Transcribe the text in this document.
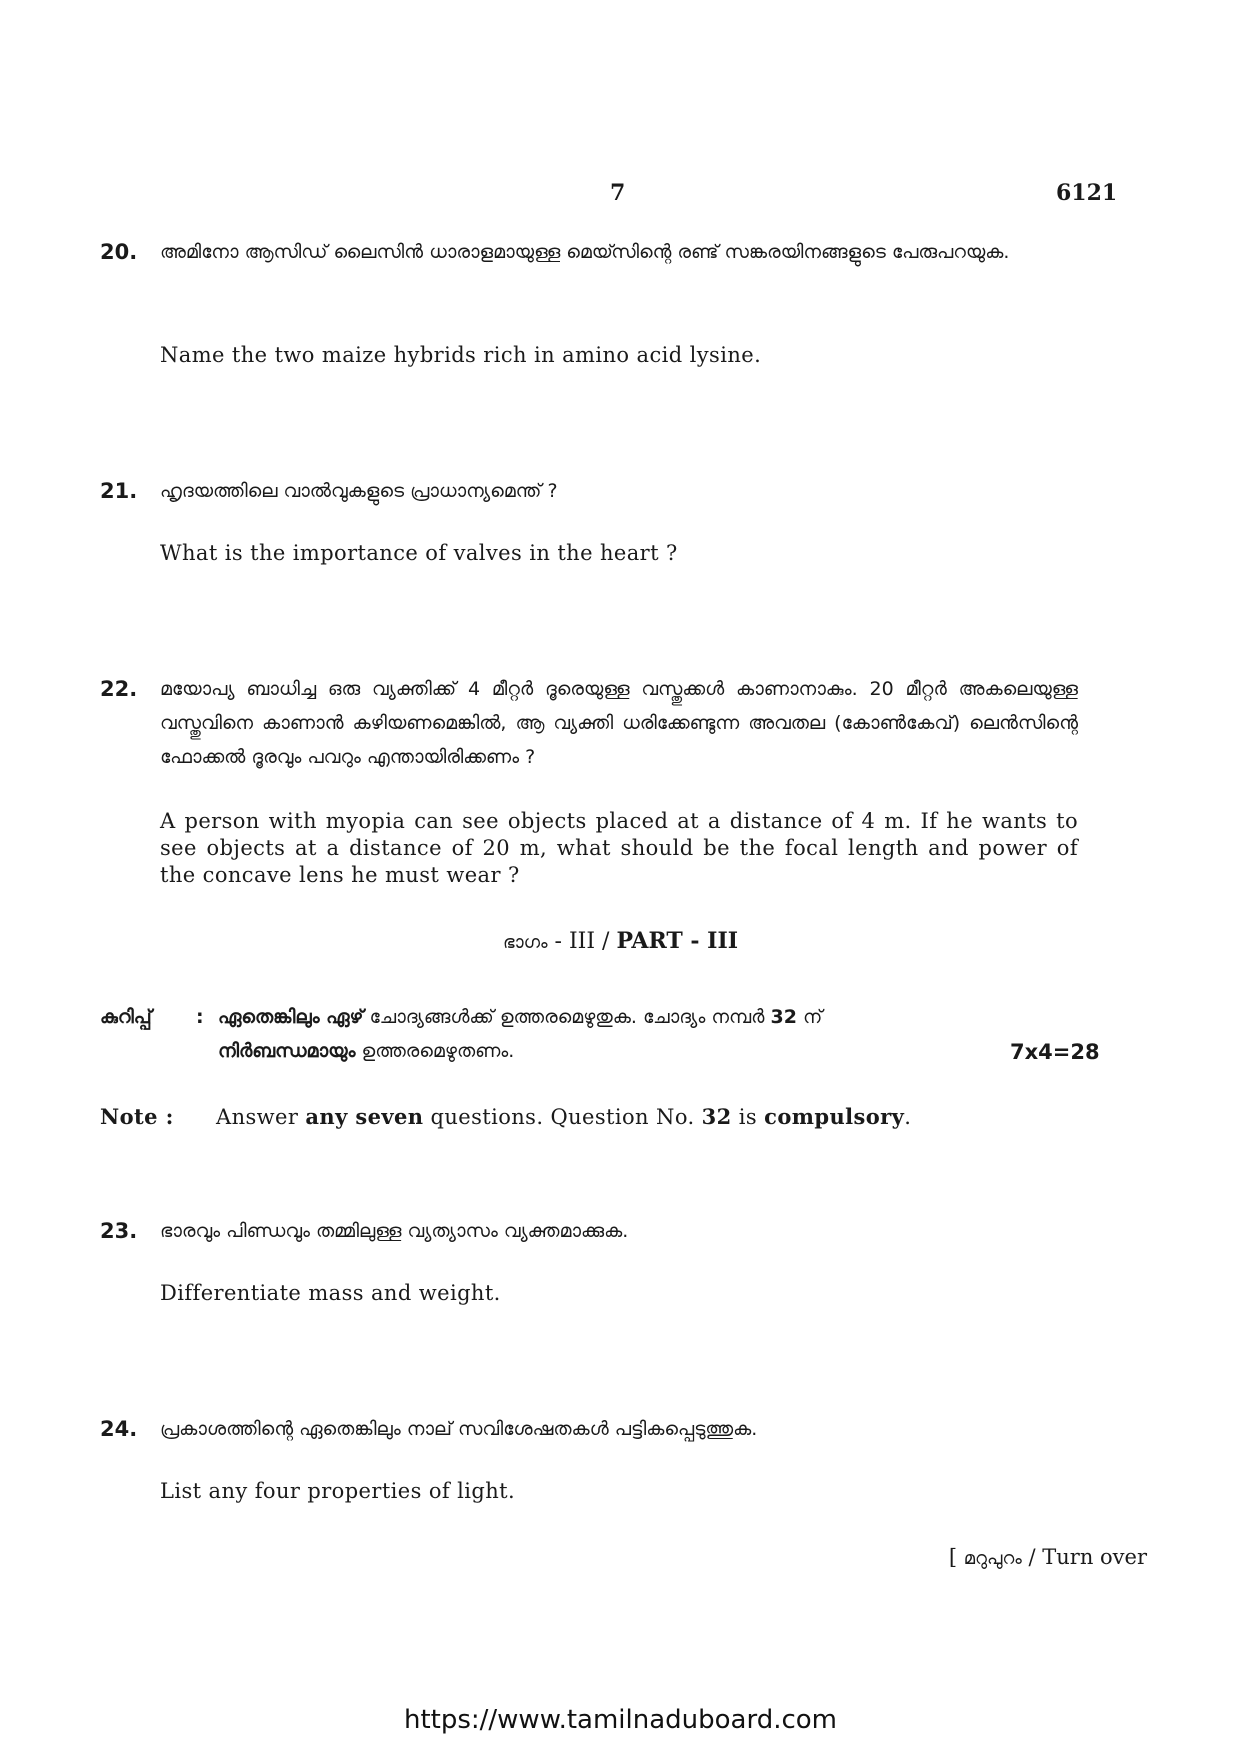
7	6121
20. അമിനോ ആസിഡ് ലൈസിൻ ധാരാളമായുള്ള മെയ്സിന്റെ രണ്ട് സങ്കരയിനങ്ങളുടെ പേരുപറയുക.
Name the two maize hybrids rich in amino acid lysine.
21. ഹൃദയത്തിലെ വാൽവുകളുടെ പ്രാധാന്യമെന്ത് ?
What is the importance of valves in the heart ?
22. മയോപ്യ ബാധിച്ച ഒരു വ്യക്തിക്ക് 4 മീറ്റർ ദൂരെയുള്ള വസ്തുക്കൾ കാണാനാകും. 20 മീറ്റർ അകലെയുള്ള വസ്തുവിനെ കാണാൻ കഴിയണമെങ്കിൽ, ആ വ്യക്തി ധരിക്കേണ്ടുന്ന അവതല (കോൺകേവ്) ലെൻസിന്റെ ഫോക്കൽ ദൂരവും പവറും എന്തായിരിക്കണം ?
A person with myopia can see objects placed at a distance of 4 m. If he wants to see objects at a distance of 20 m, what should be the focal length and power of the concave lens he must wear ?
ഭാഗം - III / PART - III
കുറിപ്പ് : ഏതെങ്കിലും ഏഴ് ചോദ്യങ്ങൾക്ക് ഉത്തരമെഴുതുക. ചോദ്യം നമ്പർ 32 ന്
നിർബന്ധമായും ഉത്തരമെഴുതണം.	7x4=28
Note : Answer any seven questions. Question No. 32 is compulsory.
23. ഭാരവും പിണ്ഡവും തമ്മിലുള്ള വ്യത്യാസം വ്യക്തമാക്കുക.
Differentiate mass and weight.
24. പ്രകാശത്തിന്റെ ഏതെങ്കിലും നാല് സവിശേഷതകൾ പട്ടികപ്പെടുത്തുക.
List any four properties of light.
[ മറുപുറം / Turn over
https://www.tamilnaduboard.com
